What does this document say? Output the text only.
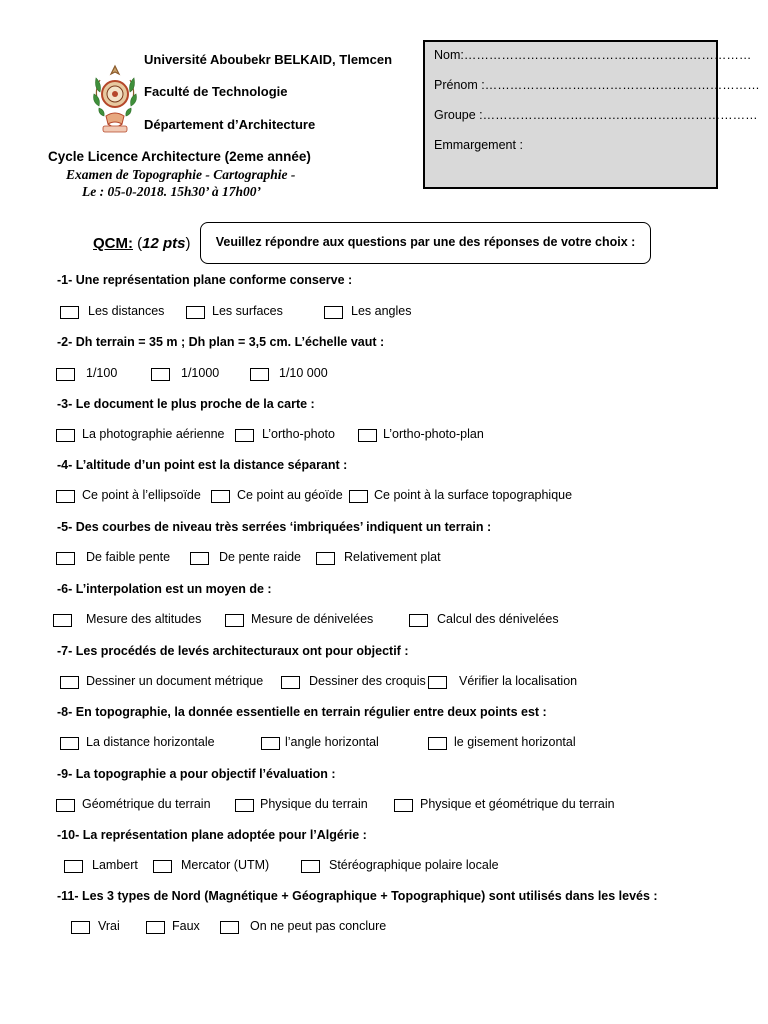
Université Aboubekr BELKAID, Tlemcen
Faculté de Technologie
Département d’Architecture
Cycle Licence Architecture (2eme année)
Examen de Topographie - Cartographie -
Le : 05-0-2018. 15h30’ à 17h00’
Nom:……………………………………………………………
Prénom :…………………………………………………………
Groupe :…………………………………………………………
Emmargement :
QCM: (12 pts)	Veuillez répondre aux questions par une des réponses de votre choix :
-1- Une représentation plane conforme conserve :
Les distances	Les surfaces	Les angles
-2- Dh terrain = 35 m ; Dh plan = 3,5 cm. L’échelle vaut :
1/100	1/1000	1/10 000
-3- Le document le plus proche de la carte :
La photographie aérienne	L’ortho-photo	L’ortho-photo-plan
-4- L’altitude d’un point est la distance séparant :
Ce point à l’ellipsoïde	Ce point au géoïde	Ce point à la surface topographique
-5- Des courbes de niveau très serrées ‘imbriquées’ indiquent un terrain :
De faible pente	De pente raide	Relativement plat
-6- L’interpolation est un moyen de :
Mesure des altitudes	Mesure de dénivelées	Calcul des dénivelées
-7- Les procédés de levés architecturaux ont pour objectif :
Dessiner un document métrique	Dessiner des croquis	Vérifier la localisation
-8- En topographie, la donnée essentielle en terrain régulier entre deux points est :
La distance horizontale	l’angle horizontal	le gisement horizontal
-9- La topographie a pour objectif l’évaluation :
Géométrique du terrain	Physique du terrain	Physique et géométrique du terrain
-10- La représentation plane adoptée pour l’Algérie :
Lambert	Mercator (UTM)	Stéréographique polaire locale
-11- Les 3 types de Nord (Magnétique + Géographique + Topographique) sont utilisés dans les levés :
Vrai	Faux	On ne peut pas conclure
